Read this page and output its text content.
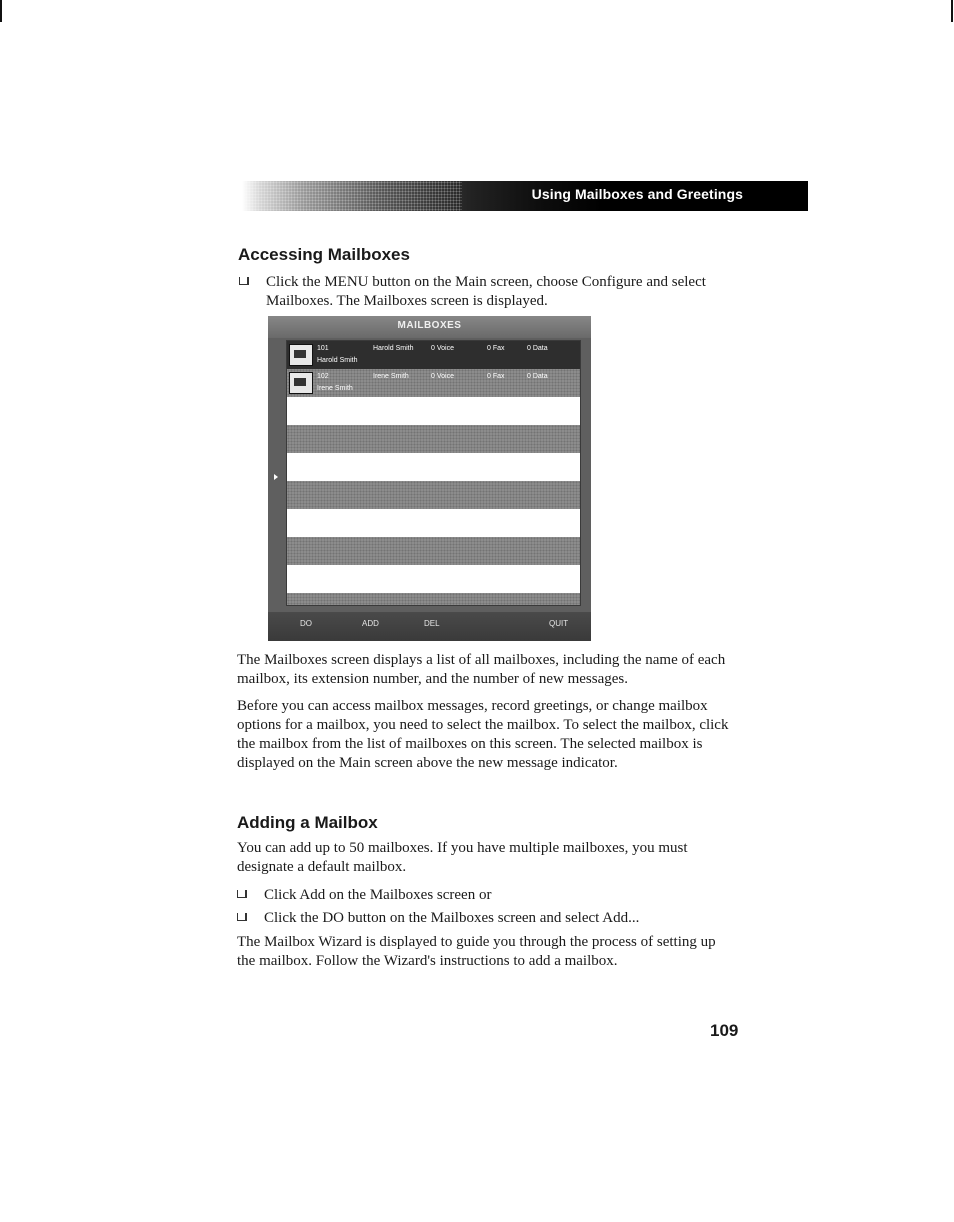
Using Mailboxes and Greetings
Accessing Mailboxes
Click the MENU button on the Main screen, choose Configure and select Mailboxes. The Mailboxes screen is displayed.
MAILBOXES
101	Harold Smith	0 Voice	0 Fax	0 Data
Harold Smith
102	Irene Smith	0 Voice	0 Fax	0 Data
Irene Smith
DO	ADD	DEL	QUIT

The Mailboxes screen displays a list of all mailboxes, including the name of each mailbox, its extension number, and the number of new messages.

Before you can access mailbox messages, record greetings, or change mailbox options for a mailbox, you need to select the mailbox. To select the mailbox, click the mailbox from the list of mailboxes on this screen. The selected mailbox is displayed on the Main screen above the new message indicator.

Adding a Mailbox

You can add up to 50 mailboxes. If you have multiple mailboxes, you must designate a default mailbox.

Click Add on the Mailboxes screen or
Click the DO button on the Mailboxes screen and select Add...

The Mailbox Wizard is displayed to guide you through the process of setting up the mailbox. Follow the Wizard's instructions to add a mailbox.

109
